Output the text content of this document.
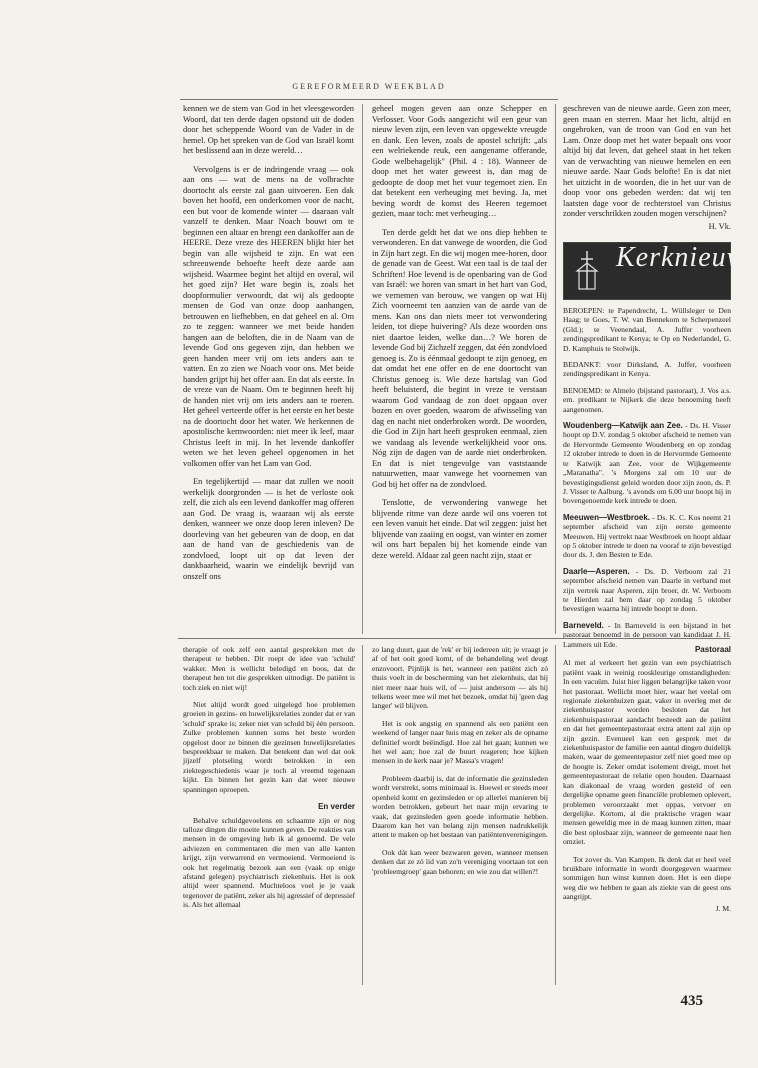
GEREFORMEERD WEEKBLAD

kennen we de stem van God in het vleesgeworden Woord, dat ten derde dagen opstond uit de doden door het scheppende Woord van de Vader in de hemel. Op het spreken van de God van Israël komt het beslissend aan in deze wereld…

Vervolgens is er de indringende vraag — ook aan ons — wat de mens na de volbrachte doortocht als eerste zal gaan uitvoeren. Een dak boven het hoofd, een onderkomen voor de nacht, een but voor de komende winter — daaraan valt vanzelf te denken. Maar Noach bouwt om te beginnen een altaar en brengt een dankoffer aan de HEERE. Deze vreze des HEEREN blijkt hier het begin van alle wijsheid te zijn. En wat een schreeuwende behoefte heeft deze aarde aan wijsheid. Waarmee begint het altijd en overal, wil het goed zijn? Het ware begin is, zoals het doopformulier verwoordt, dat wij als gedoopte mensen de God van onze doop aanhangen, betrouwen en liefhebben, en dat geheel en al. Om zo te zeggen: wanneer we met beide handen hangen aan de beloften, die in de Naam van de levende God ons gegeven zijn, dan hebben we geen handen meer vrij om iets anders aan te vatten. En zo zien we Noach voor ons. Met beide handen grijpt hij het offer aan. En dat als eerste. In de vreze van de Naam. Om te beginnen heeft hij de handen niet vrij om iets anders aan te roeren. Het geheel verteerde offer is het eerste en het beste na de doortocht door het water. We herkennen de apostolische kernwoorden: niet meer ik leef, maar Christus leeft in mij. In het levende dankoffer weten we het leven geheel opgenomen in het volkomen offer van het Lam van God.

En tegelijkertijd — maar dat zullen we nooit werkelijk doorgronden — is het de verloste ook zelf, die zich als een levend dankoffer mag offeren aan God. De vraag is, waaraan wij als eerste denken, wanneer we onze doop leren inleven? De doorleving van het gebeuren van de doop, en dat aan de hand van de geschiedenis van de zondvloed, loopt uit op dat leven der dankbaarheid, waarin we eindelijk bevrijd van onszelf ons

geheel mogen geven aan onze Schepper en Verlosser. Voor Gods aangezicht wil een geur van nieuw leven zijn, een leven van opgewekte vreugde en dank. Een leven, zoals de apostel schrijft: „als een welriekende reuk, een aangename offerande, Gode welbehagelijk" (Phil. 4 : 18). Wanneer de doop met het water geweest is, dan mag de gedoopte de doop met het vuur tegemoet zien. En dat betekent een verheuging met beving. Ja, met beving wordt de komst des Heeren tegemoet gezien, maar toch: met verheuging…

Ten derde geldt het dat we ons diep hebben te verwonderen. En dat vanwege de woorden, die God in Zijn hart zegt. En die wij mogen mee-horen, door de genade van de Geest. Wat een taal is de taal der Schriften! Hoe levend is de openbaring van de God van Israël: we horen van smart in het hart van God, we vernemen van berouw, we vangen op wat Hij Zich voorneemt ten aanzien van de aarde van de mens. Kan ons dan niets meer tot verwondering leiden, tot diepe huivering? Als deze woorden ons niet daartoe leiden, welke dan…? We horen de levende God bij Zichzelf zeggen, dat één zondvloed genoeg is. Zo is éénmaal gedoopt te zijn genoeg, en dat omdat het ene offer en de ene doortocht van Christus genoeg is. Wie deze hartslag van God heeft beluisterd, die begint in vreze te verstaan waarom God vandaag de zon doet opgaan over bozen en over goeden, waarom de afwisseling van dag en nacht niet onderbroken wordt. De woorden, die God in Zijn hart heeft gesproken eenmaal, zien we vandaag als levende werkelijkheid voor ons. Nóg zijn de dagen van de aarde niet onderbroken. En dat is niet tengevolge van vaststaande natuurwetten, maar vanwege het voornemen van God bij het offer na de zondvloed.

Tenslotte, de verwondering vanwege het blijvende ritme van deze aarde wil ons voeren tot een leven vanuit het einde. Dat wil zeggen: juist het blijvende van zaaiing en oogst, van winter en zomer wil ons hart bepalen bij het komende einde van deze wereld. Aldaar zal geen nacht zijn, staat er

geschreven van de nieuwe aarde. Geen zon meer, geen maan en sterren. Maar het licht, altijd en ongebroken, van de troon van God en van het Lam. Onze doop met het water bepaalt ons voor altijd bij dat leven, dat geheel staat in het teken van de verwachting van nieuwe hemelen en een nieuwe aarde. Naar Gods belofte! En is dat niet het uitzicht in de woorden, die in het uur van de doop voor ons gebeden werden: dat wij ten laatsten dage voor de rechterstoel van Christus zonder verschrikken zouden mogen verschijnen?

H. Vk.
Kerknieuws

BEROEPEN: te Papendrecht, L. Wüllsleger te Den Haag; te Goes, T. W. van Bennekom te Scherpenzeel (Gld.); te Veenendaal, A. Juffer voorheen zendingspredikant te Kenya; te Op en Nederlandel, G. D. Kamphuis te Stolwijk.

BEDANKT: voor Dirksland, A. Juffer, voorheen zendingspredikant in Kenya.

BENOEMD: te Almelo (bijstand pastoraat), J. Vos a.s. em. predikant te Nijkerk die deze benoeming heeft aangenomen.

Woudenberg—Katwijk aan Zee. - Ds. H. Visser hoopt op D.V. zondag 5 oktober afscheid te nemen van de Hervormde Gemeente Woudenberg en op zondag 12 oktober intrede te doen in de Hervormde Gemeente te Katwijk aan Zee, voor de Wijkgemeente „Maranatha". ’s Morgens zal om 10 uur de bevestigingsdienst geleid worden door zijn zoon, ds. P. J. Visser te Aalburg. ’s avonds om 6.00 uur hoopt hij in bovengenoemde kerk intrede te doen.

Meeuwen—Westbroek. - Ds. K. C. Kos neemt 21 september afscheid van zijn eerste gemeente Meeuwen. Hij vertrekt naar Westbroek en hoopt aldaar op 5 oktober intrede te doen na vooraf te zijn bevestigd door ds. J. den Besten te Ede.

Daarle—Asperen. - Ds. D. Verboom zal 21 september afscheid nemen van Daarle in verband met zijn vertrek naar Asperen, zijn broer, dr. W. Verboom te Hierden zal hem daar op zondag 5 oktober bevestigen waarna hij intrede hoopt te doen.

Barneveld. - In Barneveld is een bijstand in het pastoraat benoemd in de persoon van kandidaat J. H. Lammers uit Ede.

therapie of ook zelf een aantal gesprekken met de therapeut te hebben. Dit roept de idee van 'schuld' wakker. Men is wellicht beledigd en boos, dat de therapeut hen tot die gesprekken uitnodigt. De patiënt is toch ziek en niet wij!

Niet altijd wordt goed uitgelegd hoe problemen groeien in gezins- en huwelijksrelaties zonder dat er van 'schuld' sprake is; zeker niet van schuld bij één persoon. Zulke problemen kunnen soms het beste worden opgelost door ze binnen die gezinsen huwelijksrelaties bespreekbaar te maken. Dat betekent dan wel dat ook jijzelf plotseling wordt betrokken in een ziektegeschiedenis waar je toch al vreemd tegenaan kijkt. En binnen het gezin kan dat weer nieuwe spanningen oproepen.

En verder

Behalve schuldgevoelens en schaamte zijn er nog talloze dingen die moeite kunnen geven. De reakties van mensen in de omgeving heb ik al genoemd. De vele adviezen en commentaren die men van alle kanten krijgt, zijn verwarrend en vermoeiend. Vermoeiend is ook het regelmatig bezoek aan een (vaak op enige afstand gelegen) psychiatrisch ziekenhuis. Het is ook altijd weer spannend. Muchteloos voel je je vaak tegenover de patiënt, zeker als hij agressief of depressief is. Als het allemaal

zo lang duurt, gaat de 'rek' er bij iedereen uit; je vraagt je af of het ooit goed komt, of de behandeling wel deugt enzovoort. Pijnlijk is het, wanneer een patiënt zich zó thuis voelt in de bescherming van het ziekenhuis, dat hij niet meer naar huis wil, of — juist andersom — als hij telkens weer mee wil met het bezoek, omdat hij 'geen dag langer' wil blijven.

Het is ook angstig en spannend als een patiënt een weekend of langer naar huis mag en zeker als de opname definitief wordt beëindigd. Hoe zal het gaan; kunnen we het wel aan; hoe zal de buurt reageren; hoe kijken mensen in de kerk naar je? Massa's vragen!

Probleem daarbij is, dat de informatie die gezinsleden wordt verstrekt, soms minimaal is. Hoewel er steeds meer openheid komt en gezinsleden er op allerlei manieren bij worden betrokken, gebeurt het naar mijn ervaring te vaak, dat gezinsleden geen goede informatie hebben. Daarom kan het van belang zijn mensen nadrukkelijk attent te maken op het bestaan van patiëntenverenigingen.

Ook dát kan weer bezwaren geven, wanneer mensen denken dat ze zó ìid van zo'n vereniging voortaan tot een 'probleemgroep' gaan behoren; en wie zou dat willen?!

Pastoraal

Al met al verkeert het gezin van een psychiatrisch patiënt vaak in weinig rooskleurige omstandigheden: In een vacuüm. Juist hier liggen belangrijke taken voor het pastoraat. Wellicht moet hier, waar het veelal om regionale ziekenhuizen gaat, vaker in overleg met de ziekenhuispastor worden besloten dat het ziekenhuispastoraat aandacht besteedt aan de patiënt en dat het gemeentepastoraat extra attent zal zijn op zijn gezin. Evenueel kan een gesprek met de ziekenhuispastor de familie een aantal dingen duidelijk maken, waar de gemeentepastor zelf niet goed mee op de hoogte is. Zeker omdat isolement dreigt, moet het gemeentepastoraat de relatie open houden. Daarnaast kan diakonaal de vraag worden gesteld of een dergelijke opname geen financiële problemen oplevert, problemen veroorzaakt met oppas, vervoer en dergelijke. Kortom, al die praktische vragen waar mensen geweldig mee in de maag kunnen zitten, maar die best oplosbaar zijn, wanneer de gemeente naar hen omziet.

Tot zover ds. Van Kampen. Ik denk dat er heel veel bruikbare informatie in wordt doorgegeven waarmee sommigen hun winst kunnen doen. Het is een diepe weg die we hebben te gaan als ziekte van de geest ons aangrijpt.

J. M.
435
